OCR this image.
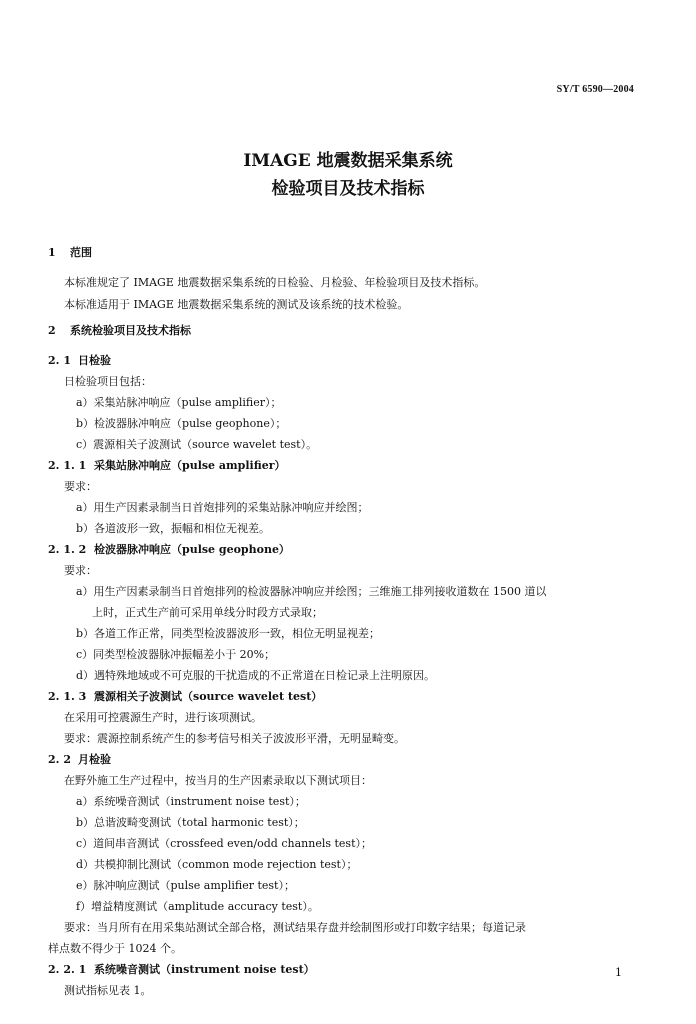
SY/T 6590—2004
IMAGE 地震数据采集系统
检验项目及技术指标
1 范围
本标准规定了 IMAGE 地震数据采集系统的日检验、月检验、年检验项目及技术指标。
本标准适用于 IMAGE 地震数据采集系统的测试及该系统的技术检验。
2 系统检验项目及技术指标
2. 1 日检验
日检验项目包括：
a）采集站脉冲响应（pulse amplifier）；
b）检波器脉冲响应（pulse geophone）；
c）震源相关子波测试（source wavelet test）。
2. 1. 1 采集站脉冲响应（pulse amplifier）
要求：
a）用生产因素录制当日首炮排列的采集站脉冲响应并绘图；
b）各道波形一致，振幅和相位无视差。
2. 1. 2 检波器脉冲响应（pulse geophone）
要求：
a）用生产因素录制当日首炮排列的检波器脉冲响应并绘图；三维施工排列接收道数在 1500 道以
上时，正式生产前可采用单线分时段方式录取；
b）各道工作正常，同类型检波器波形一致，相位无明显视差；
c）同类型检波器脉冲振幅差小于 20%；
d）遇特殊地域或不可克服的干扰造成的不正常道在日检记录上注明原因。
2. 1. 3 震源相关子波测试（source wavelet test）
在采用可控震源生产时，进行该项测试。
要求：震源控制系统产生的参考信号相关子波波形平滑，无明显畸变。
2. 2 月检验
在野外施工生产过程中，按当月的生产因素录取以下测试项目：
a）系统噪音测试（instrument noise test）；
b）总谐波畸变测试（total harmonic test）；
c）道间串音测试（crossfeed even/odd channels test）；
d）共模抑制比测试（common mode rejection test）；
e）脉冲响应测试（pulse amplifier test）；
f）增益精度测试（amplitude accuracy test）。
要求：当月所有在用采集站测试全部合格，测试结果存盘并绘制图形或打印数字结果；每道记录
样点数不得少于 1024 个。
2. 2. 1 系统噪音测试（instrument noise test）
测试指标见表 1。
1
